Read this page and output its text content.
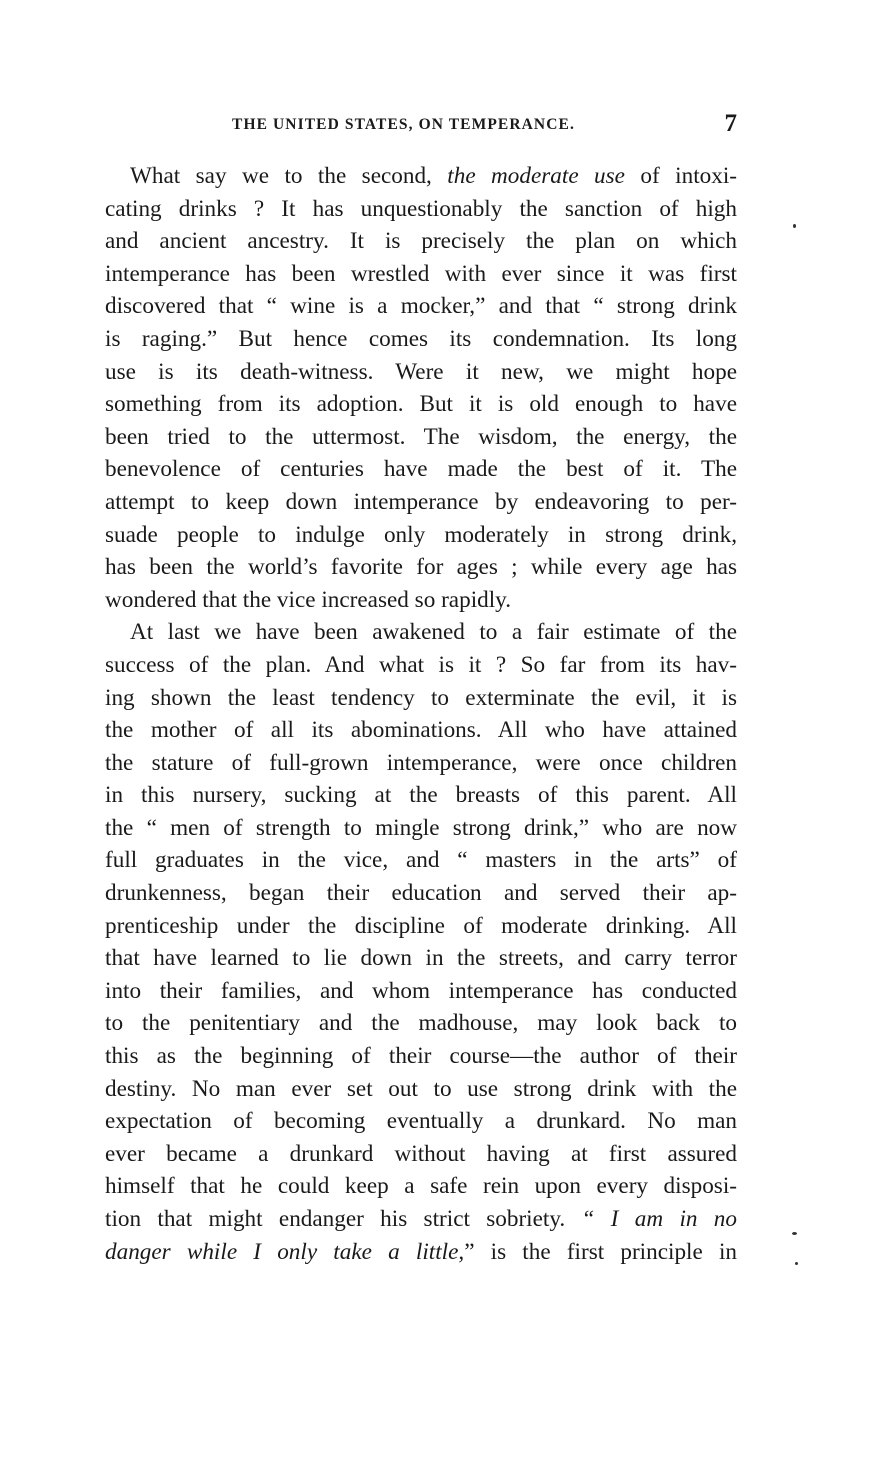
THE UNITED STATES, ON TEMPERANCE.	7
What say we to the second, the moderate use of intoxi-
cating drinks ? It has unquestionably the sanction of high
and ancient ancestry. It is precisely the plan on which
intemperance has been wrestled with ever since it was first
discovered that “ wine is a mocker,” and that “ strong drink
is raging.” But hence comes its condemnation. Its long
use is its death-witness. Were it new, we might hope
something from its adoption. But it is old enough to have
been tried to the uttermost. The wisdom, the energy, the
benevolence of centuries have made the best of it. The
attempt to keep down intemperance by endeavoring to per-
suade people to indulge only moderately in strong drink,
has been the world’s favorite for ages ; while every age has
wondered that the vice increased so rapidly.
At last we have been awakened to a fair estimate of the
success of the plan. And what is it ? So far from its hav-
ing shown the least tendency to exterminate the evil, it is
the mother of all its abominations. All who have attained
the stature of full-grown intemperance, were once children
in this nursery, sucking at the breasts of this parent. All
the “ men of strength to mingle strong drink,” who are now
full graduates in the vice, and “ masters in the arts” of
drunkenness, began their education and served their ap-
prenticeship under the discipline of moderate drinking. All
that have learned to lie down in the streets, and carry terror
into their families, and whom intemperance has conducted
to the penitentiary and the madhouse, may look back to
this as the beginning of their course—the author of their
destiny. No man ever set out to use strong drink with the
expectation of becoming eventually a drunkard. No man
ever became a drunkard without having at first assured
himself that he could keep a safe rein upon every disposi-
tion that might endanger his strict sobriety. “ I am in no
danger while I only take a little,” is the first principle in
